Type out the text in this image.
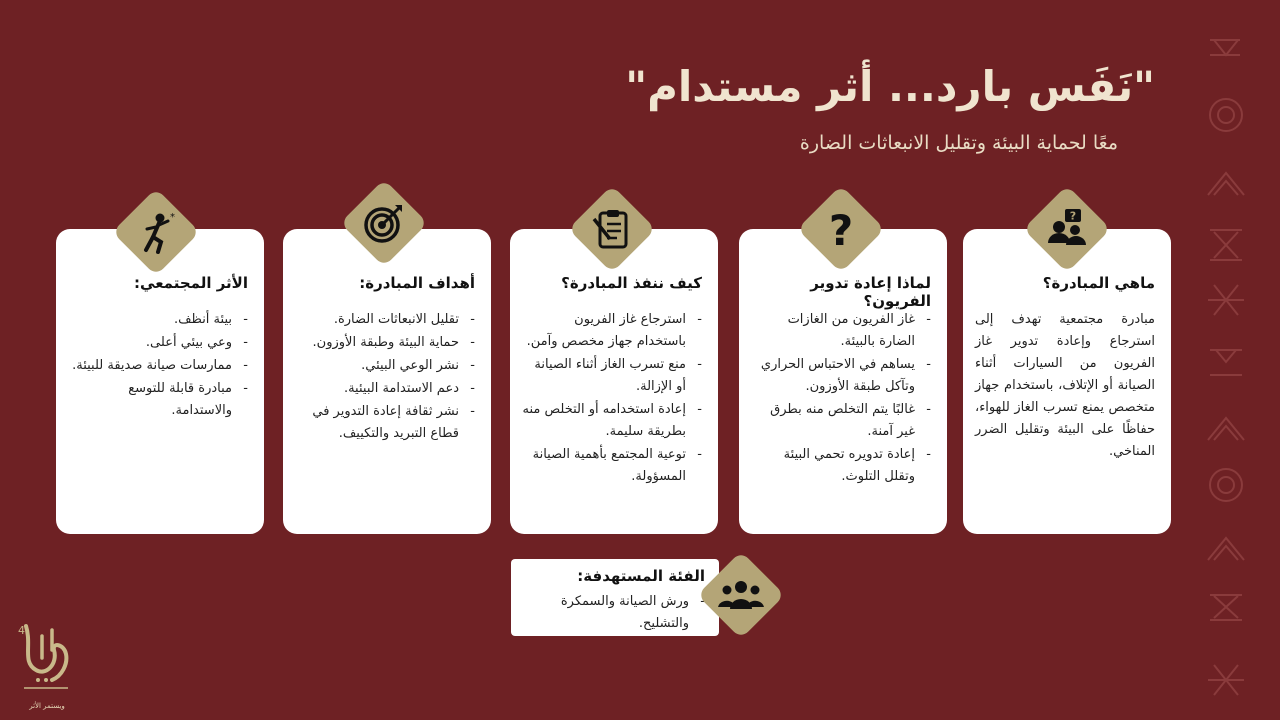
"نَفَس بارد... أثر مستدام"
معًا لحماية البيئة وتقليل الانبعاثات الضارة
ماهي المبادرة؟

مبادرة مجتمعية تهدف إلى استرجاع وإعادة تدوير غاز الفريون من السيارات أثناء الصيانة أو الإتلاف، باستخدام جهاز متخصص يمنع تسرب الغاز للهواء، حفاظًا على البيئة وتقليل الضرر المناخي.

?
لماذا إعادة تدوير الفريون؟
- غاز الفريون من الغازات الضارة بالبيئة.
- يساهم في الاحتباس الحراري وتآكل طبقة الأوزون.
- غالبًا يتم التخلص منه بطرق غير آمنة.
- إعادة تدويره تحمي البيئة وتقلل التلوث.
?
كيف ننفذ المبادرة؟
- استرجاع غاز الفريون باستخدام جهاز مخصص وآمن.
- منع تسرب الغاز أثناء الصيانة أو الإزالة.
- إعادة استخدامه أو التخلص منه بطريقة سليمة.
- توعية المجتمع بأهمية الصيانة المسؤولة.
أهداف المبادرة:
- تقليل الانبعاثات الضارة.
- حماية البيئة وطبقة الأوزون.
- نشر الوعي البيئي.
- دعم الاستدامة البيئية.
- نشر ثقافة إعادة التدوير في قطاع التبريد والتكييف.
الأثر المجتمعي:
- بيئة أنظف.
- وعي بيئي أعلى.
- ممارسات صيانة صديقة للبيئة.
- مبادرة قابلة للتوسع والاستدامة.
*
الفئة المستهدفة:
- ورش الصيانة والسمكرة والتشليح.
4
ويستمر الأثر
